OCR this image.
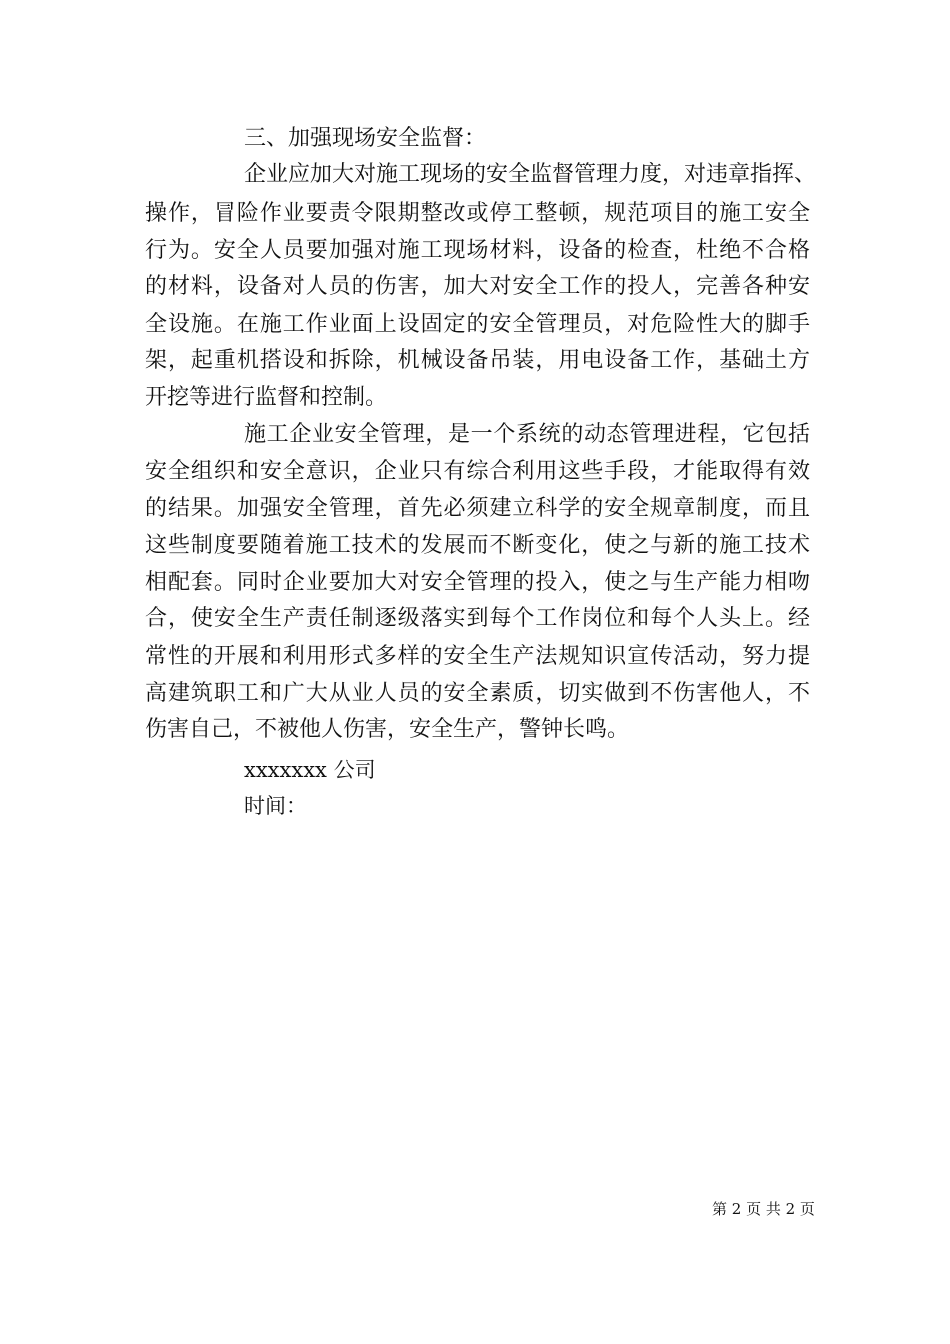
三、加强现场安全监督：
企业应加大对施工现场的安全监督管理力度，对违章指挥、
操作，冒险作业要责令限期整改或停工整顿，规范项目的施工安全
行为。安全人员要加强对施工现场材料，设备的检查，杜绝不合格
的材料，设备对人员的伤害，加大对安全工作的投人，完善各种安
全设施。在施工作业面上设固定的安全管理员，对危险性大的脚手
架，起重机搭设和拆除，机械设备吊装，用电设备工作，基础土方
开挖等进行监督和控制。
施工企业安全管理，是一个系统的动态管理进程，它包括
安全组织和安全意识，企业只有综合利用这些手段，才能取得有效
的结果。加强安全管理，首先必须建立科学的安全规章制度，而且
这些制度要随着施工技术的发展而不断变化，使之与新的施工技术
相配套。同时企业要加大对安全管理的投入，使之与生产能力相吻
合，使安全生产责任制逐级落实到每个工作岗位和每个人头上。经
常性的开展和利用形式多样的安全生产法规知识宣传活动，努力提
高建筑职工和广大从业人员的安全素质，切实做到不伤害他人，不
伤害自己，不被他人伤害，安全生产，警钟长鸣。
xxxxxxx 公司
时间：
第 2 页 共 2 页
